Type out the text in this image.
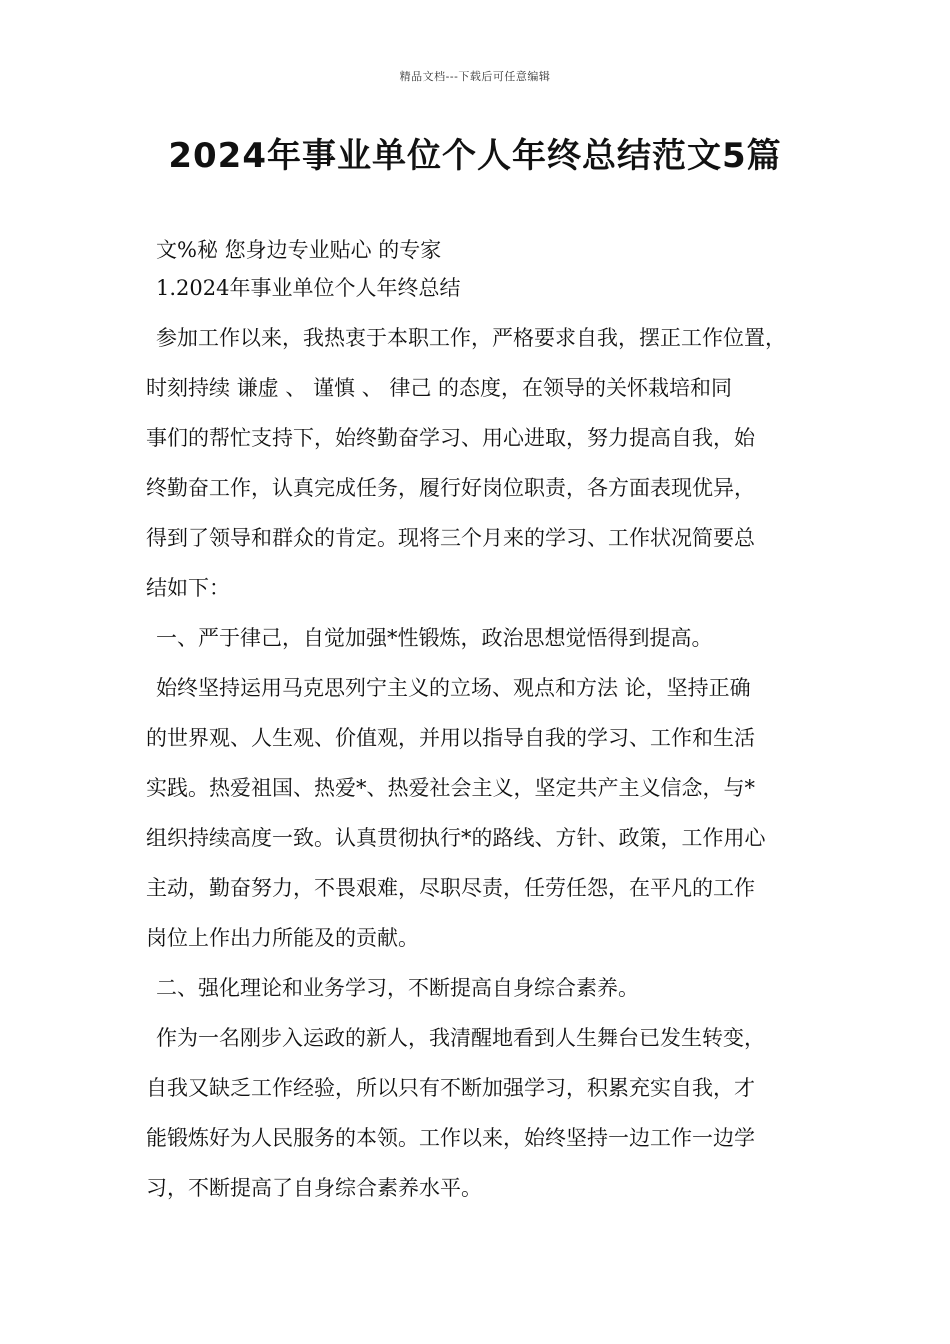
精品文档---下载后可任意编辑
2024年事业单位个人年终总结范文5篇
文%秘 您身边专业贴心 的专家
1.2024年事业单位个人年终总结
参加工作以来，我热衷于本职工作，严格要求自我，摆正工作位置，
时刻持续 谦虚 、 谨慎 、 律己 的态度，在领导的关怀栽培和同
事们的帮忙支持下，始终勤奋学习、用心进取，努力提高自我，始
终勤奋工作，认真完成任务，履行好岗位职责，各方面表现优异，
得到了领导和群众的肯定。现将三个月来的学习、工作状况简要总
结如下：
一、严于律己，自觉加强*性锻炼，政治思想觉悟得到提高。
始终坚持运用马克思列宁主义的立场、观点和方法 论，坚持正确
的世界观、人生观、价值观，并用以指导自我的学习、工作和生活
实践。热爱祖国、热爱*、热爱社会主义，坚定共产主义信念，与*
组织持续高度一致。认真贯彻执行*的路线、方针、政策，工作用心
主动，勤奋努力，不畏艰难，尽职尽责，任劳任怨，在平凡的工作
岗位上作出力所能及的贡献。
二、强化理论和业务学习，不断提高自身综合素养。
作为一名刚步入运政的新人，我清醒地看到人生舞台已发生转变，
自我又缺乏工作经验，所以只有不断加强学习，积累充实自我，才
能锻炼好为人民服务的本领。工作以来，始终坚持一边工作一边学
习，不断提高了自身综合素养水平。
